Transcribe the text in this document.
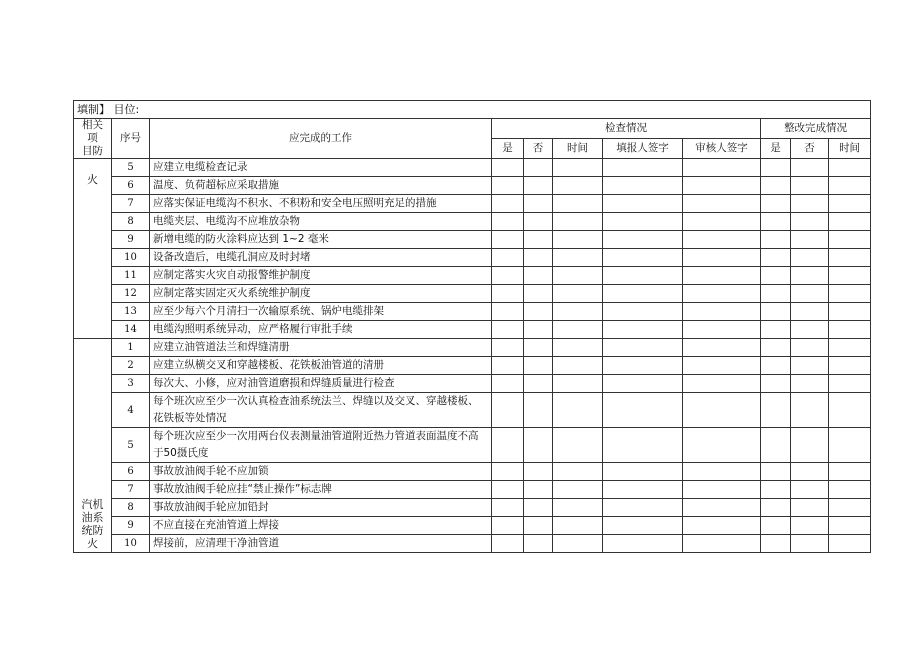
填制】 目位:										

相关项
目防	序号	应完成的工作	检查情况					整改完成情况		
			是	否	时间	填报人签字	审核人签字	是	否	时间
火	5	应建立电缆检查记录								
	6	温度、负荷超标应采取措施								
	7	应落实保证电缆沟不积水、不积粉和安全电压照明充足的措施								
	8	电缆夹层、电缆沟不应堆放杂物								
	9	新增电缆的防火涂料应达到 1~2 毫米								
	10	设备改造后，电缆孔洞应及时封堵								
	11	应制定落实火灾自动报警维护制度								
	12	应制定落实固定灭火系统维护制度								
	13	应至少每六个月清扫一次输原系统、锅炉电缆排架								
	14	电缆沟照明系统异动，应严格履行审批手续								

汽机
油系
统防
火	1	应建立油管道法兰和焊缝清册								
	2	应建立纵横交叉和穿越楼板、花铁板油管道的清册								
	3	每次大、小修，应对油管道磨损和焊缝质量进行检查								
	4	每个班次应至少一次认真检查油系统法兰、焊缝以及交叉、穿越楼板、花铁板等处情况								
	5	每个班次应至少一次用两台仪表测量油管道附近热力管道表面温度不高于50摄氏度								
	6	事故放油阀手轮不应加锁								
	7	事故放油阀手轮应挂“禁止操作”标志牌								
	8	事故放油阀手轮应加铅封								
	9	不应直接在充油管道上焊接								
	10	焊接前，应清理干净油管道								
